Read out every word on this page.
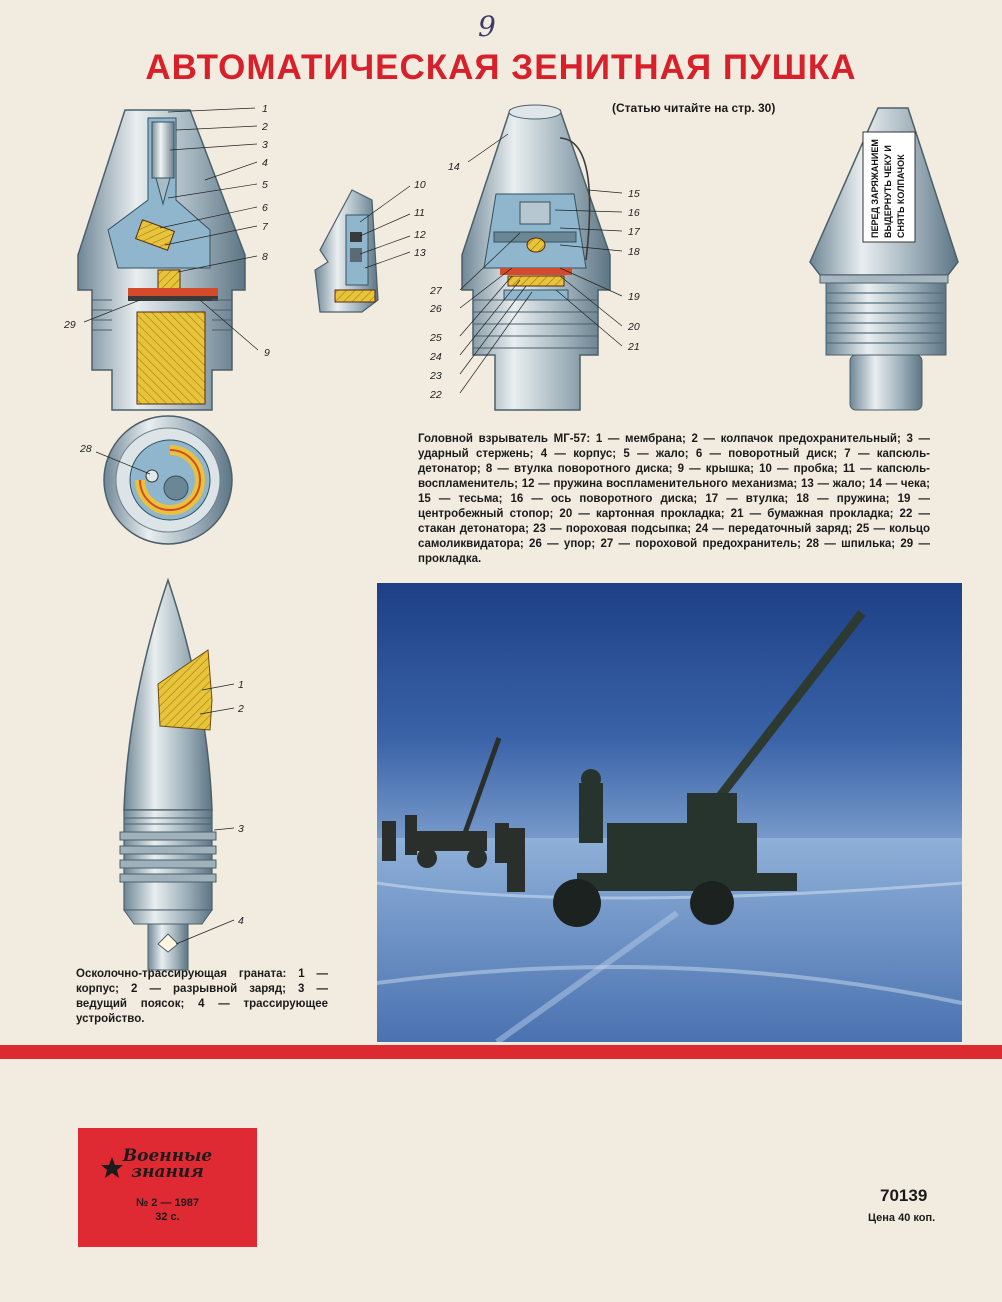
9
АВТОМАТИЧЕСКАЯ ЗЕНИТНАЯ ПУШКА
(Статью читайте на стр. 30)
1
2
3
4
5
6
7
8
9
29
10
11
12
13
14
15
16
17
18
19
20
21
22
23
24
25
26
27
ПЕРЕД ЗАРЯЖАНИЕМ ВЫДЕРНУТЬ ЧЕКУ И СНЯТЬ КОЛПАЧОК
28
1
2
3
4
Головной взрыватель МГ-57: 1 — мембрана; 2 — колпачок предохранительный; 3 — ударный стержень; 4 — корпус; 5 — жало; 6 — поворотный диск; 7 — капсюль-детонатор; 8 — втулка поворотного диска; 9 — крышка; 10 — пробка; 11 — капсюль-воспламенитель; 12 — пружина воспламенительного механизма; 13 — жало; 14 — чека; 15 — тесьма; 16 — ось поворотного диска; 17 — втулка; 18 — пружина; 19 — центробежный стопор; 20 — картонная прокладка; 21 — бумажная прокладка; 22 — стакан детонатора; 23 — пороховая подсыпка; 24 — передаточный заряд; 25 — кольцо самоликвидатора; 26 — упор; 27 — пороховой предохранитель; 28 — шпилька; 29 — прокладка.
Осколочно-трассирующая граната: 1 — корпус; 2 — разрывной заряд; 3 — ведущий поясок; 4 — трассирующее устройство.
Военные
знания
№ 2 — 1987
32 с.
70139
Цена 40 коп.
